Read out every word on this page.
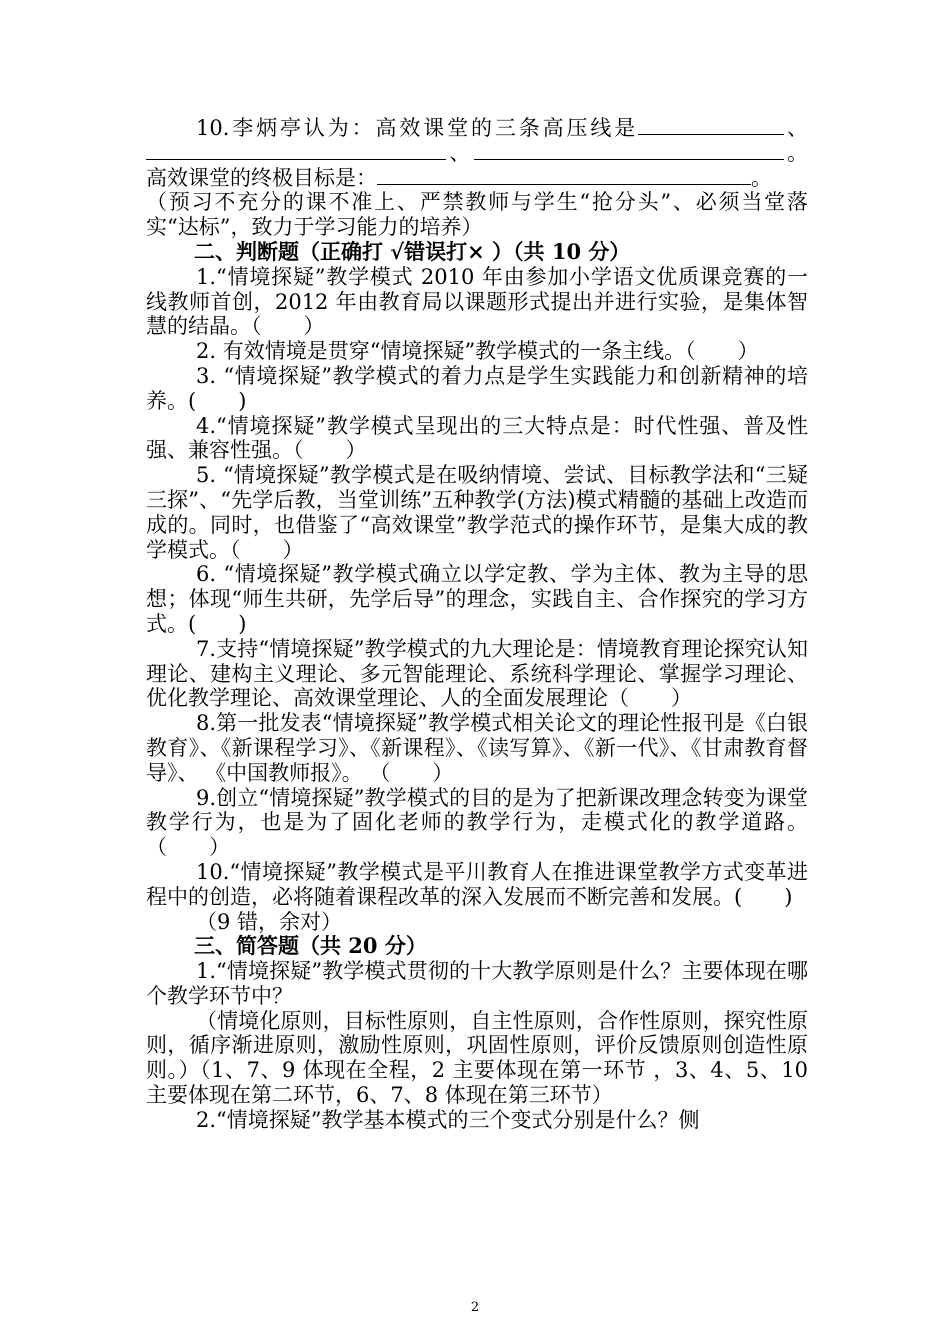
10.李炳亭认为：高效课堂的三条高压线是	、、	。高效课堂的终极目标是：	。

（预习不充分的课不准上、严禁教师与学生“抢分头”、必须当堂落实“达标”，致力于学习能力的培养）

二、判断题（正确打 √错误打× ）（共 10 分）

1.“情境探疑”教学模式 2010 年由参加小学语文优质课竞赛的一线教师首创，2012 年由教育局以课题形式提出并进行实验，是集体智慧的结晶。（　　）

2. 有效情境是贯穿“情境探疑”教学模式的一条主线。（　　）

3. “情境探疑”教学模式的着力点是学生实践能力和创新精神的培养。(　　)

4.“情境探疑”教学模式呈现出的三大特点是：时代性强、普及性强、兼容性强。（　　）

5. “情境探疑”教学模式是在吸纳情境、尝试、目标教学法和“三疑三探”、“先学后教，当堂训练”五种教学(方法)模式精髓的基础上改造而成的。同时，也借鉴了“高效课堂”教学范式的操作环节，是集大成的教学模式。（　　）

6. “情境探疑”教学模式确立以学定教、学为主体、教为主导的思想；体现“师生共研，先学后导”的理念，实践自主、合作探究的学习方式。(　　)

7.支持“情境探疑”教学模式的九大理论是：情境教育理论探究认知理论、建构主义理论、多元智能理论、系统科学理论、掌握学习理论、优化教学理论、高效课堂理论、人的全面发展理论（　　）

8.第一批发表“情境探疑”教学模式相关论文的理论性报刊是《白银教育》、《新课程学习》、《新课程》、《读写算》、《新一代》、《甘肃教育督导》、 《中国教师报》。 （　　）

9.创立“情境探疑”教学模式的目的是为了把新课改理念转变为课堂教学行为，也是为了固化老师的教学行为，走模式化的教学道路。（　　）

10.“情境探疑”教学模式是平川教育人在推进课堂教学方式变革进程中的创造，必将随着课程改革的深入发展而不断完善和发展。(　　)

（9 错，余对）

三、简答题（共 20 分）

1.“情境探疑”教学模式贯彻的十大教学原则是什么？主要体现在哪个教学环节中？

（情境化原则，目标性原则，自主性原则，合作性原则，探究性原则，循序渐进原则，激励性原则，巩固性原则，评价反馈原则创造性原则。）（1、7、9 体现在全程，2 主要体现在第一环节 ，3、4、5、10 主要体现在第二环节，6、7、8 体现在第三环节）

2.“情境探疑”教学基本模式的三个变式分别是什么？侧

2
